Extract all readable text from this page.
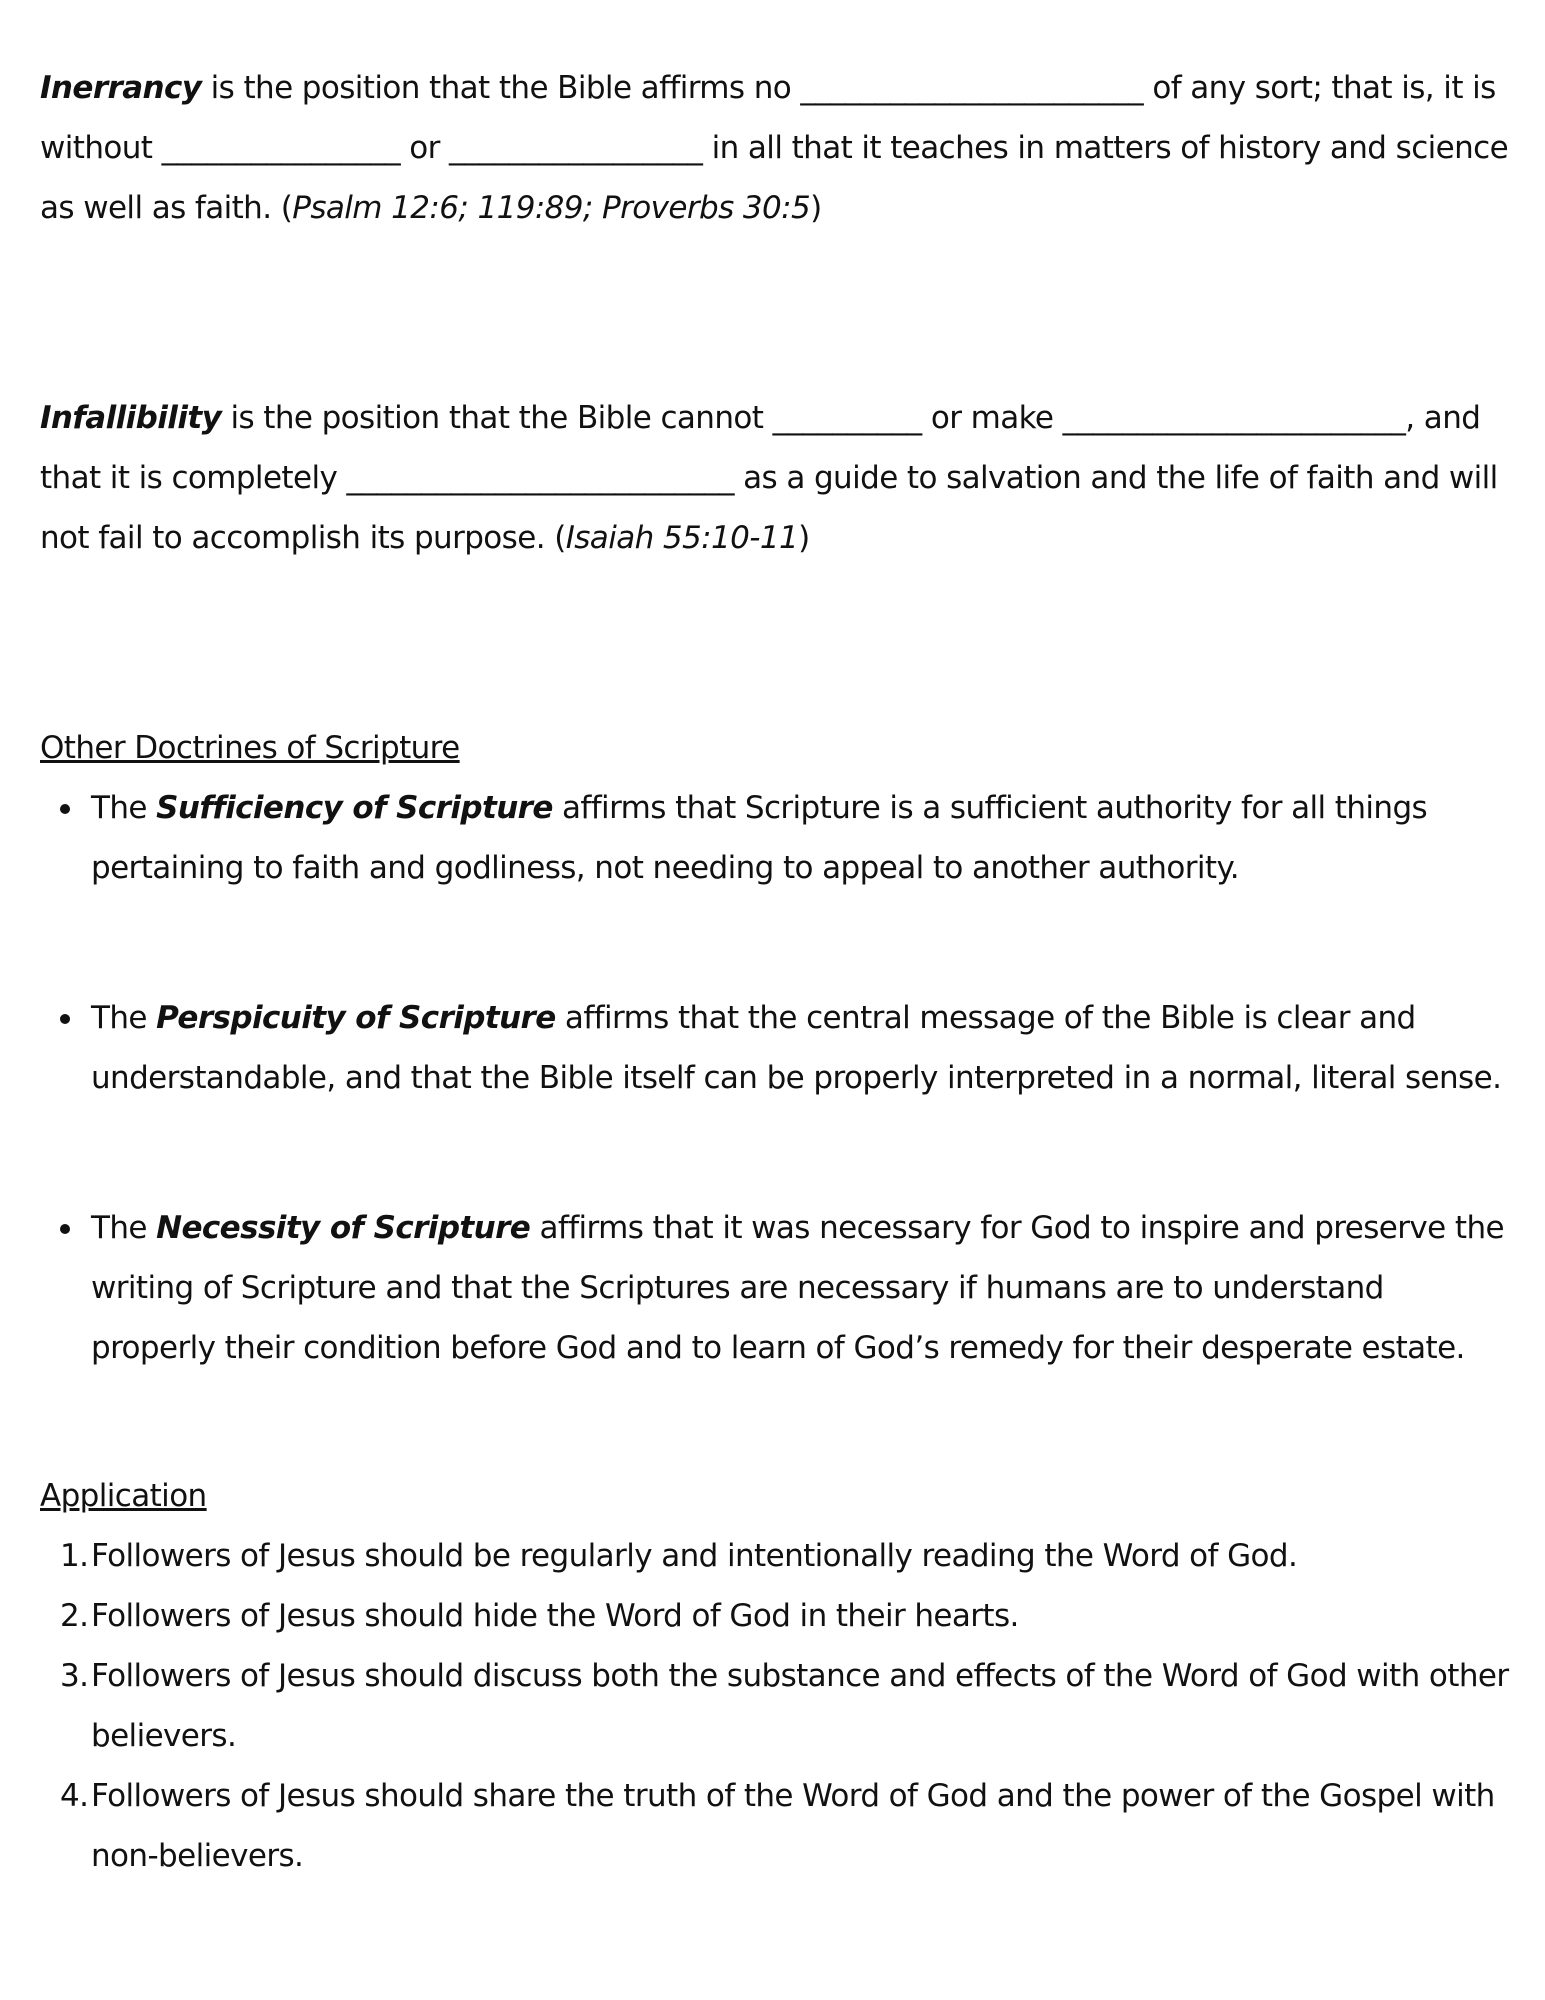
Inerrancy is the position that the Bible affirms no _______________________ of any sort; that is, it is without ________________ or _________________ in all that it teaches in matters of history and science as well as faith. (Psalm 12:6; 119:89; Proverbs 30:5)

Infallibility is the position that the Bible cannot __________ or make _______________________, and that it is completely __________________________ as a guide to salvation and the life of faith and will not fail to accomplish its purpose. (Isaiah 55:10-11)

Other Doctrines of Scripture

The Sufficiency of Scripture affirms that Scripture is a sufficient authority for all things pertaining to faith and godliness, not needing to appeal to another authority.
The Perspicuity of Scripture affirms that the central message of the Bible is clear and understandable, and that the Bible itself can be properly interpreted in a normal, literal sense.
The Necessity of Scripture affirms that it was necessary for God to inspire and preserve the writing of Scripture and that the Scriptures are necessary if humans are to understand properly their condition before God and to learn of God’s remedy for their desperate estate.

Application

1. Followers of Jesus should be regularly and intentionally reading the Word of God.
2. Followers of Jesus should hide the Word of God in their hearts.
3. Followers of Jesus should discuss both the substance and effects of the Word of God with other believers.
4. Followers of Jesus should share the truth of the Word of God and the power of the Gospel with non-believers.
